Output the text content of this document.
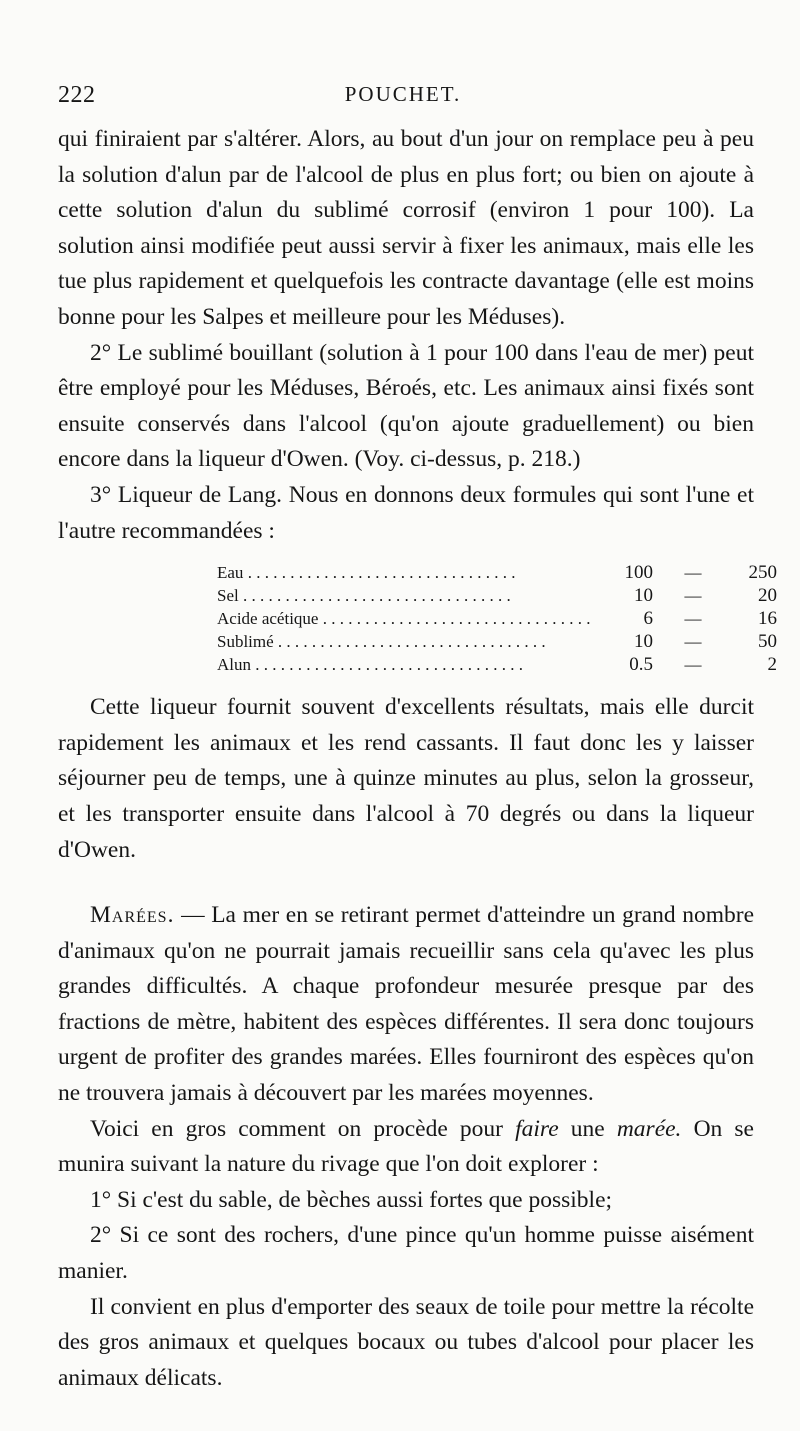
222	POUCHET.

qui finiraient par s'altérer. Alors, au bout d'un jour on remplace peu à peu la solution d'alun par de l'alcool de plus en plus fort; ou bien on ajoute à cette solution d'alun du sublimé corrosif (environ 1 pour 100). La solution ainsi modifiée peut aussi servir à fixer les animaux, mais elle les tue plus rapidement et quelquefois les contracte davantage (elle est moins bonne pour les Salpes et meilleure pour les Méduses).

2° Le sublimé bouillant (solution à 1 pour 100 dans l'eau de mer) peut être employé pour les Méduses, Béroés, etc. Les animaux ainsi fixés sont ensuite conservés dans l'alcool (qu'on ajoute graduellement) ou bien encore dans la liqueur d'Owen. (Voy. ci-dessus, p. 218.)

3° Liqueur de Lang. Nous en donnons deux formules qui sont l'une et l'autre recommandées :

Eau . . . . . . . . . . . . . . . . . . . . . . . . . . . . . . . .	100	—	250
Sel . . . . . . . . . . . . . . . . . . . . . . . . . . . . . . . .	10	—	20
Acide acétique . . . . . . . . . . . . . . . . . . . . . . . . . . . . . . . .	6	—	16
Sublimé . . . . . . . . . . . . . . . . . . . . . . . . . . . . . . . .	10	—	50
Alun . . . . . . . . . . . . . . . . . . . . . . . . . . . . . . . .	0.5	—	2

Cette liqueur fournit souvent d'excellents résultats, mais elle durcit rapidement les animaux et les rend cassants. Il faut donc les y laisser séjourner peu de temps, une à quinze minutes au plus, selon la grosseur, et les transporter ensuite dans l'alcool à 70 degrés ou dans la liqueur d'Owen.

Marées. — La mer en se retirant permet d'atteindre un grand nombre d'animaux qu'on ne pourrait jamais recueillir sans cela qu'avec les plus grandes difficultés. A chaque profondeur mesurée presque par des fractions de mètre, habitent des espèces différentes. Il sera donc toujours urgent de profiter des grandes marées. Elles fourniront des espèces qu'on ne trouvera jamais à découvert par les marées moyennes.

Voici en gros comment on procède pour faire une marée. On se munira suivant la nature du rivage que l'on doit explorer :

1° Si c'est du sable, de bèches aussi fortes que possible;

2° Si ce sont des rochers, d'une pince qu'un homme puisse aisément manier.

Il convient en plus d'emporter des seaux de toile pour mettre la récolte des gros animaux et quelques bocaux ou tubes d'alcool pour placer les animaux délicats.
